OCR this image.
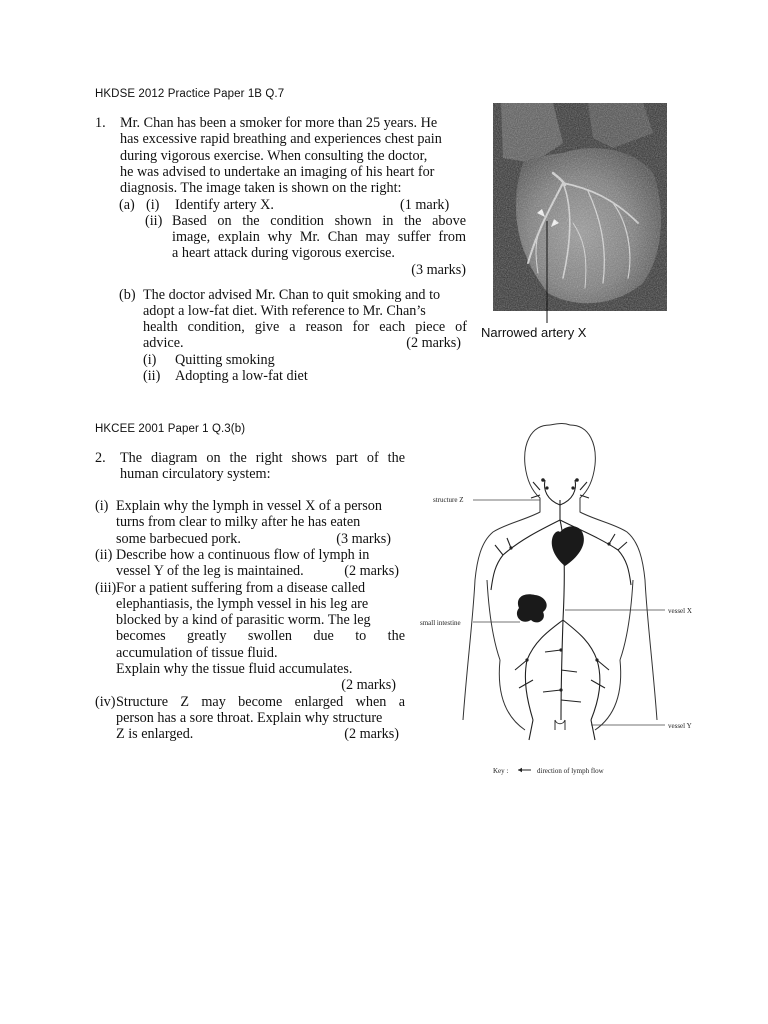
HKDSE 2012 Practice Paper 1B Q.7
1. Mr. Chan has been a smoker for more than 25 years. He
has excessive rapid breathing and experiences chest pain
during vigorous exercise. When consulting the doctor,
he was advised to undertake an imaging of his heart for
diagnosis. The image taken is shown on the right:
(a) (i) Identify artery X.	(1 mark)
(ii) Based on the condition shown in the above
image, explain why Mr. Chan may suffer from
a heart attack during vigorous exercise.
(3 marks)
(b) The doctor advised Mr. Chan to quit smoking and to
adopt a low-fat diet. With reference to Mr. Chan’s
health condition, give a reason for each piece of
advice.	(2 marks)
(i) Quitting smoking
(ii) Adopting a low-fat diet
Narrowed artery X
HKCEE 2001 Paper 1 Q.3(b)
2. The diagram on the right shows part of the
human circulatory system:
(i) Explain why the lymph in vessel X of a person
turns from clear to milky after he has eaten
some barbecued pork.	(3 marks)
(ii) Describe how a continuous flow of lymph in
vessel Y of the leg is maintained.	(2 marks)
(iii) For a patient suffering from a disease called
elephantiasis, the lymph vessel in his leg are
blocked by a kind of parasitic worm. The leg
becomes greatly swollen due to the
accumulation of tissue fluid.
Explain why the tissue fluid accumulates.
(2 marks)
(iv) Structure Z may become enlarged when a
person has a sore throat. Explain why structure
Z is enlarged.	(2 marks)
structure Z
small intestine
vessel X
vessel Y
Key :	direction of lymph flow
